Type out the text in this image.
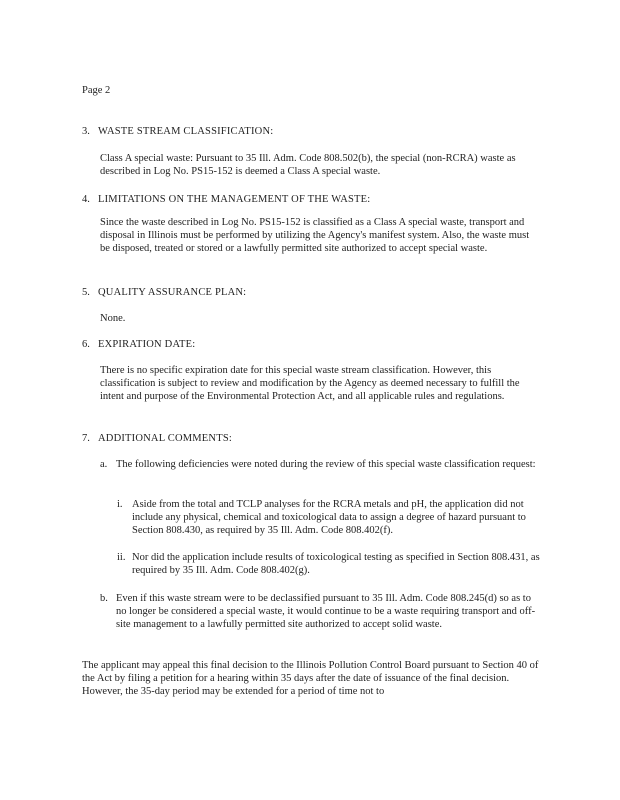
Page 2
3. WASTE STREAM CLASSIFICATION:
Class A special waste: Pursuant to 35 Ill. Adm. Code 808.502(b), the special (non-RCRA) waste as described in Log No. PS15-152 is deemed a Class A special waste.
4. LIMITATIONS ON THE MANAGEMENT OF THE WASTE:
Since the waste described in Log No. PS15-152 is classified as a Class A special waste, transport and disposal in Illinois must be performed by utilizing the Agency's manifest system. Also, the waste must be disposed, treated or stored or a lawfully permitted site authorized to accept special waste.
5. QUALITY ASSURANCE PLAN:
None.
6. EXPIRATION DATE:
There is no specific expiration date for this special waste stream classification. However, this classification is subject to review and modification by the Agency as deemed necessary to fulfill the intent and purpose of the Environmental Protection Act, and all applicable rules and regulations.
7. ADDITIONAL COMMENTS:
a. The following deficiencies were noted during the review of this special waste classification request:
i. Aside from the total and TCLP analyses for the RCRA metals and pH, the application did not include any physical, chemical and toxicological data to assign a degree of hazard pursuant to Section 808.430, as required by 35 Ill. Adm. Code 808.402(f).
ii. Nor did the application include results of toxicological testing as specified in Section 808.431, as required by 35 Ill. Adm. Code 808.402(g).
b. Even if this waste stream were to be declassified pursuant to 35 Ill. Adm. Code 808.245(d) so as to no longer be considered a special waste, it would continue to be a waste requiring transport and off-site management to a lawfully permitted site authorized to accept solid waste.
The applicant may appeal this final decision to the Illinois Pollution Control Board pursuant to Section 40 of the Act by filing a petition for a hearing within 35 days after the date of issuance of the final decision. However, the 35-day period may be extended for a period of time not to
